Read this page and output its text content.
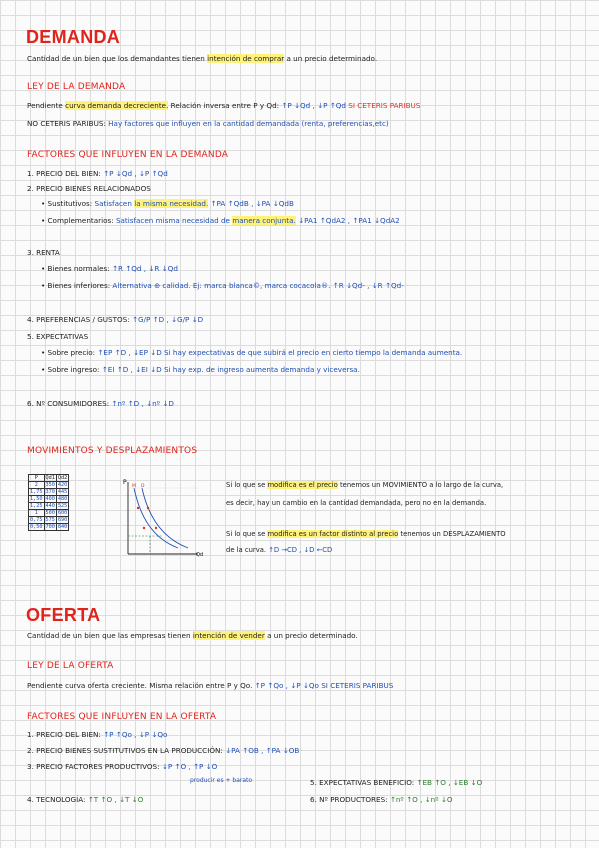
DEMANDA
Cantidad de un bien que los demandantes tienen intención de comprar a un precio determinado.
LEY DE LA DEMANDA
Pendiente curva demanda decreciente. Relación inversa entre P y Qd: ↑P ↓Qd , ↓P ↑Qd SI CETERIS PARIBUS
NO CETERIS PARIBUS: Hay factores que influyen en la cantidad demandada (renta, preferencias,etc)
FACTORES QUE INFLUYEN EN LA DEMANDA
1. PRECIO DEL BIEN: ↑P ↓Qd , ↓P ↑Qd
2. PRECIO BIENES RELACIONADOS
• Sustitutivos: Satisfacen la misma necesidad. ↑PA ↑QdB , ↓PA ↓QdB
• Complementarios: Satisfacen misma necesidad de manera conjunta. ↓PA1 ↑QdA2 , ↑PA1 ↓QdA2
3. RENTA
• Bienes normales: ↑R ↑Qd , ↓R ↓Qd
• Bienes inferiores: Alternativa ⊕ calidad. Ej: marca blanca©, marca cocacola®. ↑R ↓Qd- , ↓R ↑Qd-
4. PREFERENCIAS / GUSTOS: ↑G/P ↑D , ↓G/P ↓D
5. EXPECTATIVAS
• Sobre precio: ↑EP ↑D , ↓EP ↓D Si hay expectativas de que subirá el precio en cierto tiempo la demanda aumenta.
• Sobre ingreso: ↑EI ↑D , ↓EI ↓D Si hay exp. de ingreso aumenta demanda y viceversa.
6. Nº CONSUMIDORES: ↑nº ↑D , ↓nº ↓D
MOVIMIENTOS Y DESPLAZAMIENTOS
P	Qd1	Qd2
2	350	420
1,75	370	445
1,50	400	480
1,25	440	525
1	500	600
0,75	575	690
0,50	700	840
P
Qd
M D	Si lo que se modifica es el precio tenemos un MOVIMIENTO a lo largo de la curva,
es decir, hay un cambio en la cantidad demandada, pero no en la demanda.
Si lo que se modifica es un factor distinto al precio tenemos un DESPLAZAMIENTO
de la curva. ↑D →CD , ↓D ←CD
OFERTA
Cantidad de un bien que las empresas tienen intención de vender a un precio determinado.
LEY DE LA OFERTA
Pendiente curva oferta creciente. Misma relación entre P y Qo. ↑P ↑Qo , ↓P ↓Qo SI CETERIS PARIBUS
FACTORES QUE INFLUYEN EN LA OFERTA
1. PRECIO DEL BIEN: ↑P ↑Qo , ↓P ↓Qo
2. PRECIO BIENES SUSTITUTIVOS EN LA PRODUCCIÓN: ↓PA ↑OB , ↑PA ↓OB
3. PRECIO FACTORES PRODUCTIVOS: ↓P ↑O , ↑P ↓O
producir es + barato	5. EXPECTATIVAS BENEFICIO: ↑EB ↑O , ↓EB ↓O
4. TECNOLOGÍA: ↑T ↑O , ↓T ↓O	6. Nº PRODUCTORES: ↑nº ↑O , ↓nº ↓O
